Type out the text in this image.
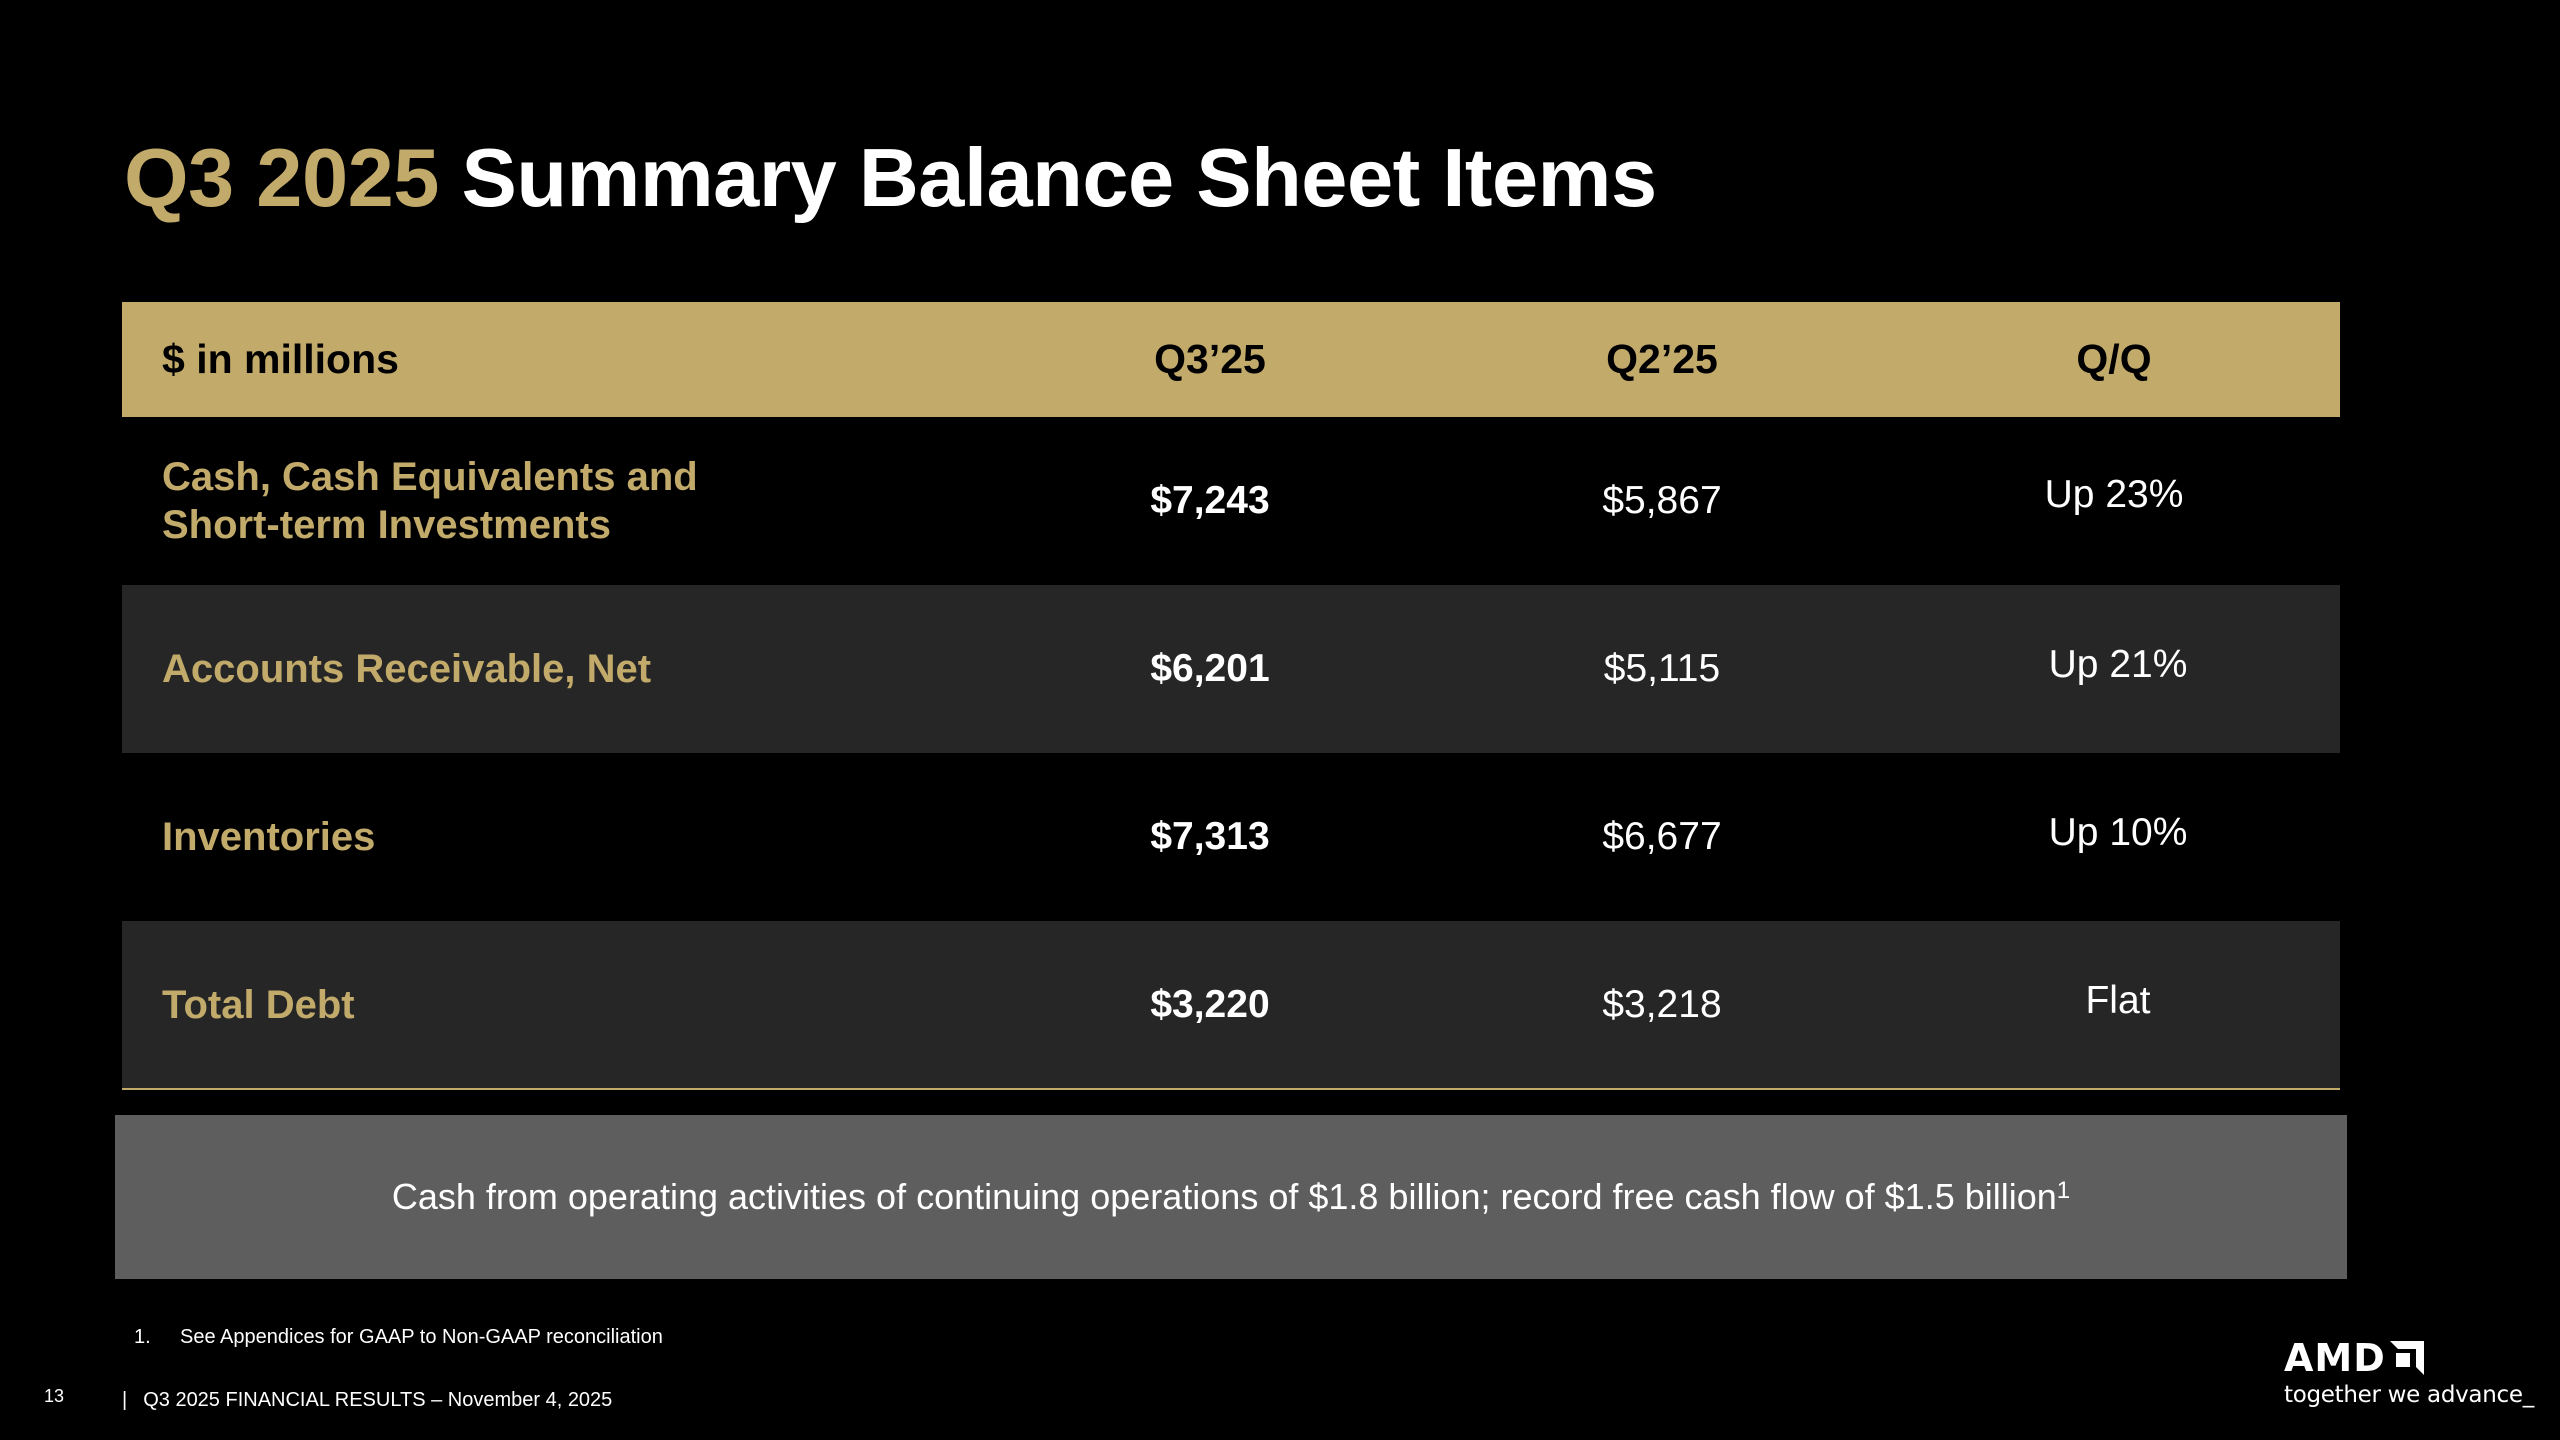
Q3 2025 Summary Balance Sheet Items
$ in millions	Q3’25	Q2’25	Q/Q
Cash, Cash Equivalents and
Short-term Investments
$7,243	$5,867	Up 23%
Accounts Receivable, Net	$6,201	$5,115	Up 21%
Inventories	$7,313	$6,677	Up 10%
Total Debt	$3,220	$3,218	Flat
Cash from operating activities of continuing operations of $1.8 billion; record free cash flow of $1.5 billion$^1$
1. See Appendices for GAAP to Non-GAAP reconciliation
13	| Q3 2025 FINANCIAL RESULTS – November 4, 2025
AMD
together we advance_
